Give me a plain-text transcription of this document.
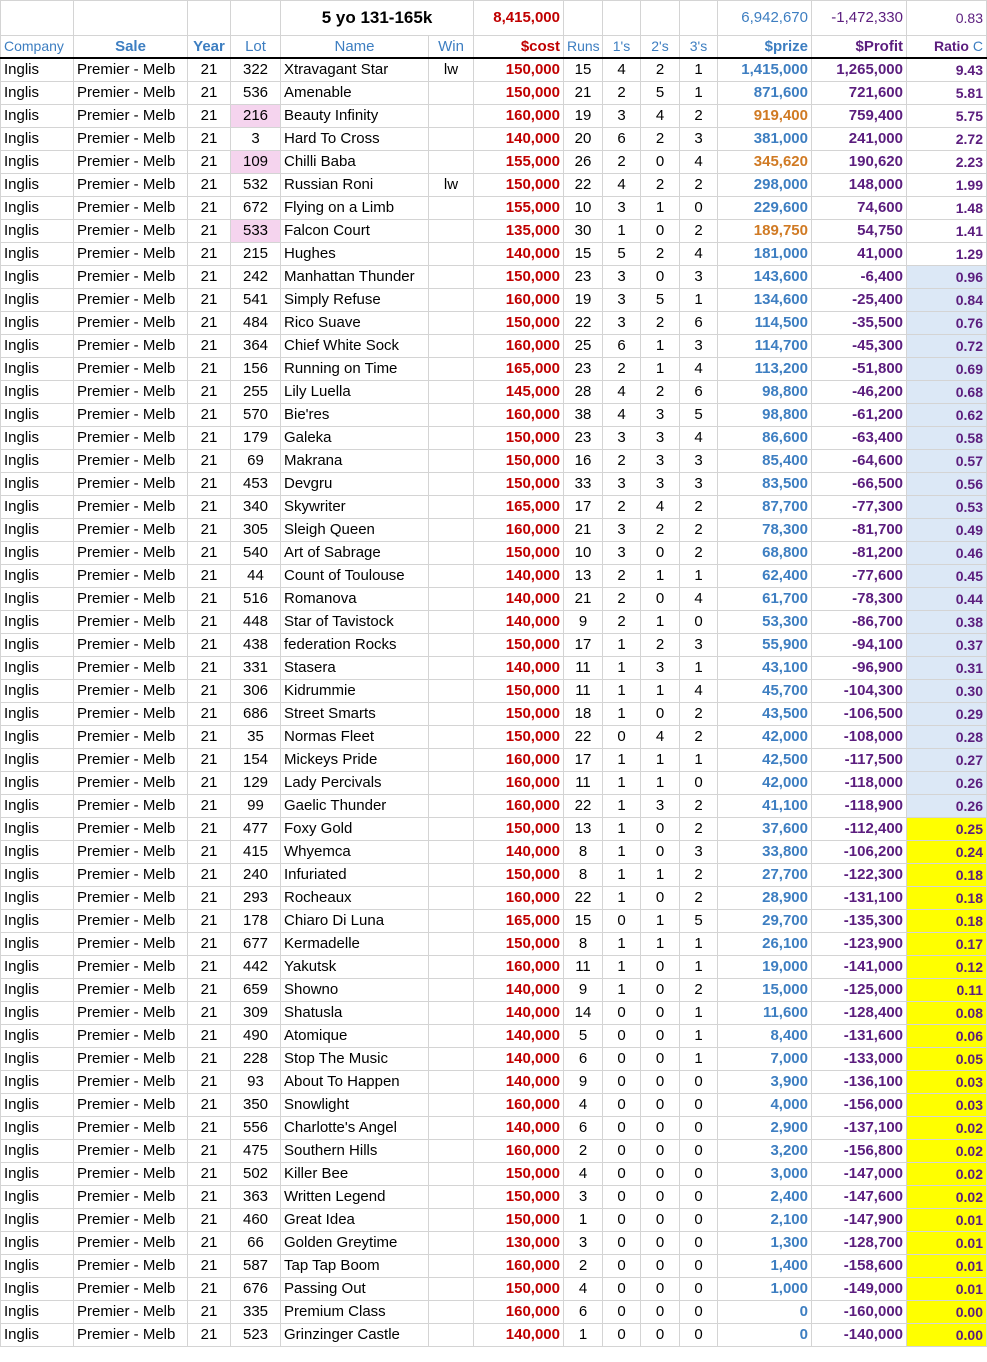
				5 yo 131-165k		8,415,000					6,942,670	-1,472,330	0.83
Company	Sale	Year	Lot	Name	Win	$cost	Runs	1's	2's	3's	$prize	$Profit	Ratio C
Inglis	Premier - Melb	21	322	Xtravagant Star	lw	150,000	15	4	2	1	1,415,000	1,265,000	9.43
Inglis	Premier - Melb	21	536	Amenable		150,000	21	2	5	1	871,600	721,600	5.81
Inglis	Premier - Melb	21	216	Beauty Infinity		160,000	19	3	4	2	919,400	759,400	5.75
Inglis	Premier - Melb	21	3	Hard To Cross		140,000	20	6	2	3	381,000	241,000	2.72
Inglis	Premier - Melb	21	109	Chilli Baba		155,000	26	2	0	4	345,620	190,620	2.23
Inglis	Premier - Melb	21	532	Russian Roni	lw	150,000	22	4	2	2	298,000	148,000	1.99
Inglis	Premier - Melb	21	672	Flying on a Limb		155,000	10	3	1	0	229,600	74,600	1.48
Inglis	Premier - Melb	21	533	Falcon Court		135,000	30	1	0	2	189,750	54,750	1.41
Inglis	Premier - Melb	21	215	Hughes		140,000	15	5	2	4	181,000	41,000	1.29
Inglis	Premier - Melb	21	242	Manhattan Thunder		150,000	23	3	0	3	143,600	-6,400	0.96
Inglis	Premier - Melb	21	541	Simply Refuse		160,000	19	3	5	1	134,600	-25,400	0.84
Inglis	Premier - Melb	21	484	Rico Suave		150,000	22	3	2	6	114,500	-35,500	0.76
Inglis	Premier - Melb	21	364	Chief White Sock		160,000	25	6	1	3	114,700	-45,300	0.72
Inglis	Premier - Melb	21	156	Running on Time		165,000	23	2	1	4	113,200	-51,800	0.69
Inglis	Premier - Melb	21	255	Lily Luella		145,000	28	4	2	6	98,800	-46,200	0.68
Inglis	Premier - Melb	21	570	Bie'res		160,000	38	4	3	5	98,800	-61,200	0.62
Inglis	Premier - Melb	21	179	Galeka		150,000	23	3	3	4	86,600	-63,400	0.58
Inglis	Premier - Melb	21	69	Makrana		150,000	16	2	3	3	85,400	-64,600	0.57
Inglis	Premier - Melb	21	453	Devgru		150,000	33	3	3	3	83,500	-66,500	0.56
Inglis	Premier - Melb	21	340	Skywriter		165,000	17	2	4	2	87,700	-77,300	0.53
Inglis	Premier - Melb	21	305	Sleigh Queen		160,000	21	3	2	2	78,300	-81,700	0.49
Inglis	Premier - Melb	21	540	Art of Sabrage		150,000	10	3	0	2	68,800	-81,200	0.46
Inglis	Premier - Melb	21	44	Count of Toulouse		140,000	13	2	1	1	62,400	-77,600	0.45
Inglis	Premier - Melb	21	516	Romanova		140,000	21	2	0	4	61,700	-78,300	0.44
Inglis	Premier - Melb	21	448	Star of Tavistock		140,000	9	2	1	0	53,300	-86,700	0.38
Inglis	Premier - Melb	21	438	federation Rocks		150,000	17	1	2	3	55,900	-94,100	0.37
Inglis	Premier - Melb	21	331	Stasera		140,000	11	1	3	1	43,100	-96,900	0.31
Inglis	Premier - Melb	21	306	Kidrummie		150,000	11	1	1	4	45,700	-104,300	0.30
Inglis	Premier - Melb	21	686	Street Smarts		150,000	18	1	0	2	43,500	-106,500	0.29
Inglis	Premier - Melb	21	35	Normas Fleet		150,000	22	0	4	2	42,000	-108,000	0.28
Inglis	Premier - Melb	21	154	Mickeys Pride		160,000	17	1	1	1	42,500	-117,500	0.27
Inglis	Premier - Melb	21	129	Lady Percivals		160,000	11	1	1	0	42,000	-118,000	0.26
Inglis	Premier - Melb	21	99	Gaelic Thunder		160,000	22	1	3	2	41,100	-118,900	0.26
Inglis	Premier - Melb	21	477	Foxy Gold		150,000	13	1	0	2	37,600	-112,400	0.25
Inglis	Premier - Melb	21	415	Whyemca		140,000	8	1	0	3	33,800	-106,200	0.24
Inglis	Premier - Melb	21	240	Infuriated		150,000	8	1	1	2	27,700	-122,300	0.18
Inglis	Premier - Melb	21	293	Rocheaux		160,000	22	1	0	2	28,900	-131,100	0.18
Inglis	Premier - Melb	21	178	Chiaro Di Luna		165,000	15	0	1	5	29,700	-135,300	0.18
Inglis	Premier - Melb	21	677	Kermadelle		150,000	8	1	1	1	26,100	-123,900	0.17
Inglis	Premier - Melb	21	442	Yakutsk		160,000	11	1	0	1	19,000	-141,000	0.12
Inglis	Premier - Melb	21	659	Showno		140,000	9	1	0	2	15,000	-125,000	0.11
Inglis	Premier - Melb	21	309	Shatusla		140,000	14	0	0	1	11,600	-128,400	0.08
Inglis	Premier - Melb	21	490	Atomique		140,000	5	0	0	1	8,400	-131,600	0.06
Inglis	Premier - Melb	21	228	Stop The Music		140,000	6	0	0	1	7,000	-133,000	0.05
Inglis	Premier - Melb	21	93	About To Happen		140,000	9	0	0	0	3,900	-136,100	0.03
Inglis	Premier - Melb	21	350	Snowlight		160,000	4	0	0	0	4,000	-156,000	0.03
Inglis	Premier - Melb	21	556	Charlotte's Angel		140,000	6	0	0	0	2,900	-137,100	0.02
Inglis	Premier - Melb	21	475	Southern Hills		160,000	2	0	0	0	3,200	-156,800	0.02
Inglis	Premier - Melb	21	502	Killer Bee		150,000	4	0	0	0	3,000	-147,000	0.02
Inglis	Premier - Melb	21	363	Written Legend		150,000	3	0	0	0	2,400	-147,600	0.02
Inglis	Premier - Melb	21	460	Great Idea		150,000	1	0	0	0	2,100	-147,900	0.01
Inglis	Premier - Melb	21	66	Golden Greytime		130,000	3	0	0	0	1,300	-128,700	0.01
Inglis	Premier - Melb	21	587	Tap Tap Boom		160,000	2	0	0	0	1,400	-158,600	0.01
Inglis	Premier - Melb	21	676	Passing Out		150,000	4	0	0	0	1,000	-149,000	0.01
Inglis	Premier - Melb	21	335	Premium Class		160,000	6	0	0	0	0	-160,000	0.00
Inglis	Premier - Melb	21	523	Grinzinger Castle		140,000	1	0	0	0	0	-140,000	0.00
